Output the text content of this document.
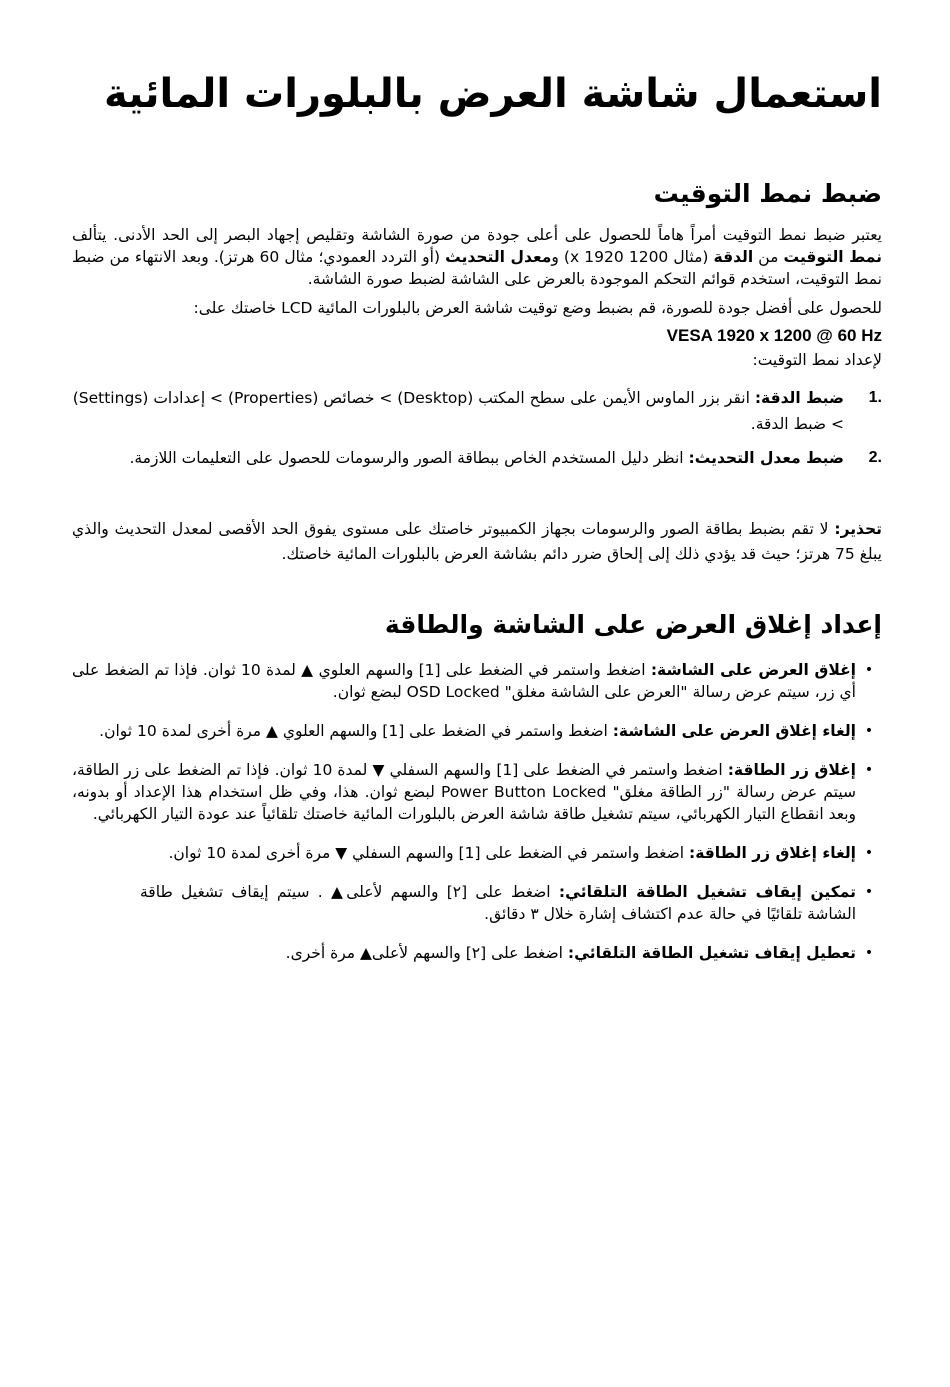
استعمال شاشة العرض بالبلورات المائية
ضبط نمط التوقيت

يعتبر ضبط نمط التوقيت أمراً هاماً للحصول على أعلى جودة من صورة الشاشة وتقليص إجهاد البصر إلى الحد الأدنى. يتألف نمط التوقيت من الدقة (مثال 1200 x 1920) ومعدل التحديث (أو التردد العمودي؛ مثال 60 هرتز). وبعد الانتهاء من ضبط نمط التوقيت، استخدم قوائم التحكم الموجودة بالعرض على الشاشة لضبط صورة الشاشة.

للحصول على أفضل جودة للصورة، قم بضبط وضع توقيت شاشة العرض بالبلورات المائية LCD خاصتك على:

VESA 1920 x 1200 @ 60 Hz

لإعداد نمط التوقيت:

.1
ضبط الدقة: انقر بزر الماوس الأيمن على سطح المكتب (Desktop) > خصائص (Properties) > إعدادات (Settings) > ضبط الدقة.
.2
ضبط معدل التحديث: انظر دليل المستخدم الخاص ببطاقة الصور والرسومات للحصول على التعليمات اللازمة.

تحذير: لا تقم بضبط بطاقة الصور والرسومات بجهاز الكمبيوتر خاصتك على مستوى يفوق الحد الأقصى لمعدل التحديث والذي يبلغ 75 هرتز؛ حيث قد يؤدي ذلك إلى إلحاق ضرر دائم بشاشة العرض بالبلورات المائية خاصتك.

إعداد إغلاق العرض على الشاشة والطاقة
•
إغلاق العرض على الشاشة: اضغط واستمر في الضغط على [1] والسهم العلوي ▲ لمدة 10 ثوان. فإذا تم الضغط على أي زر، سيتم عرض رسالة "العرض على الشاشة مغلق" OSD Locked لبضع ثوان.
•
إلغاء إغلاق العرض على الشاشة: اضغط واستمر في الضغط على [1] والسهم العلوي ▲ مرة أخرى لمدة 10 ثوان.
•
إغلاق زر الطاقة: اضغط واستمر في الضغط على [1] والسهم السفلي ▼ لمدة 10 ثوان. فإذا تم الضغط على زر الطاقة، سيتم عرض رسالة "زر الطاقة مغلق" Power Button Locked لبضع ثوان. هذا، وفي ظل استخدام هذا الإعداد أو بدونه، وبعد انقطاع التيار الكهربائي، سيتم تشغيل طاقة شاشة العرض بالبلورات المائية خاصتك تلقائياً عند عودة التيار الكهربائي.
•
إلغاء إغلاق زر الطاقة: اضغط واستمر في الضغط على [1] والسهم السفلي ▼ مرة أخرى لمدة 10 ثوان.
•
تمكين إيقاف تشغيل الطاقة التلقائي: اضغط على [٢] والسهم لأعلى▲ . سيتم إيقاف تشغيل طاقة الشاشة تلقائيًا في حالة عدم اكتشاف إشارة خلال ٣ دقائق.
•
تعطيل إيقاف تشغيل الطاقة التلقائي: اضغط على [٢] والسهم لأعلى▲ مرة أخرى.
